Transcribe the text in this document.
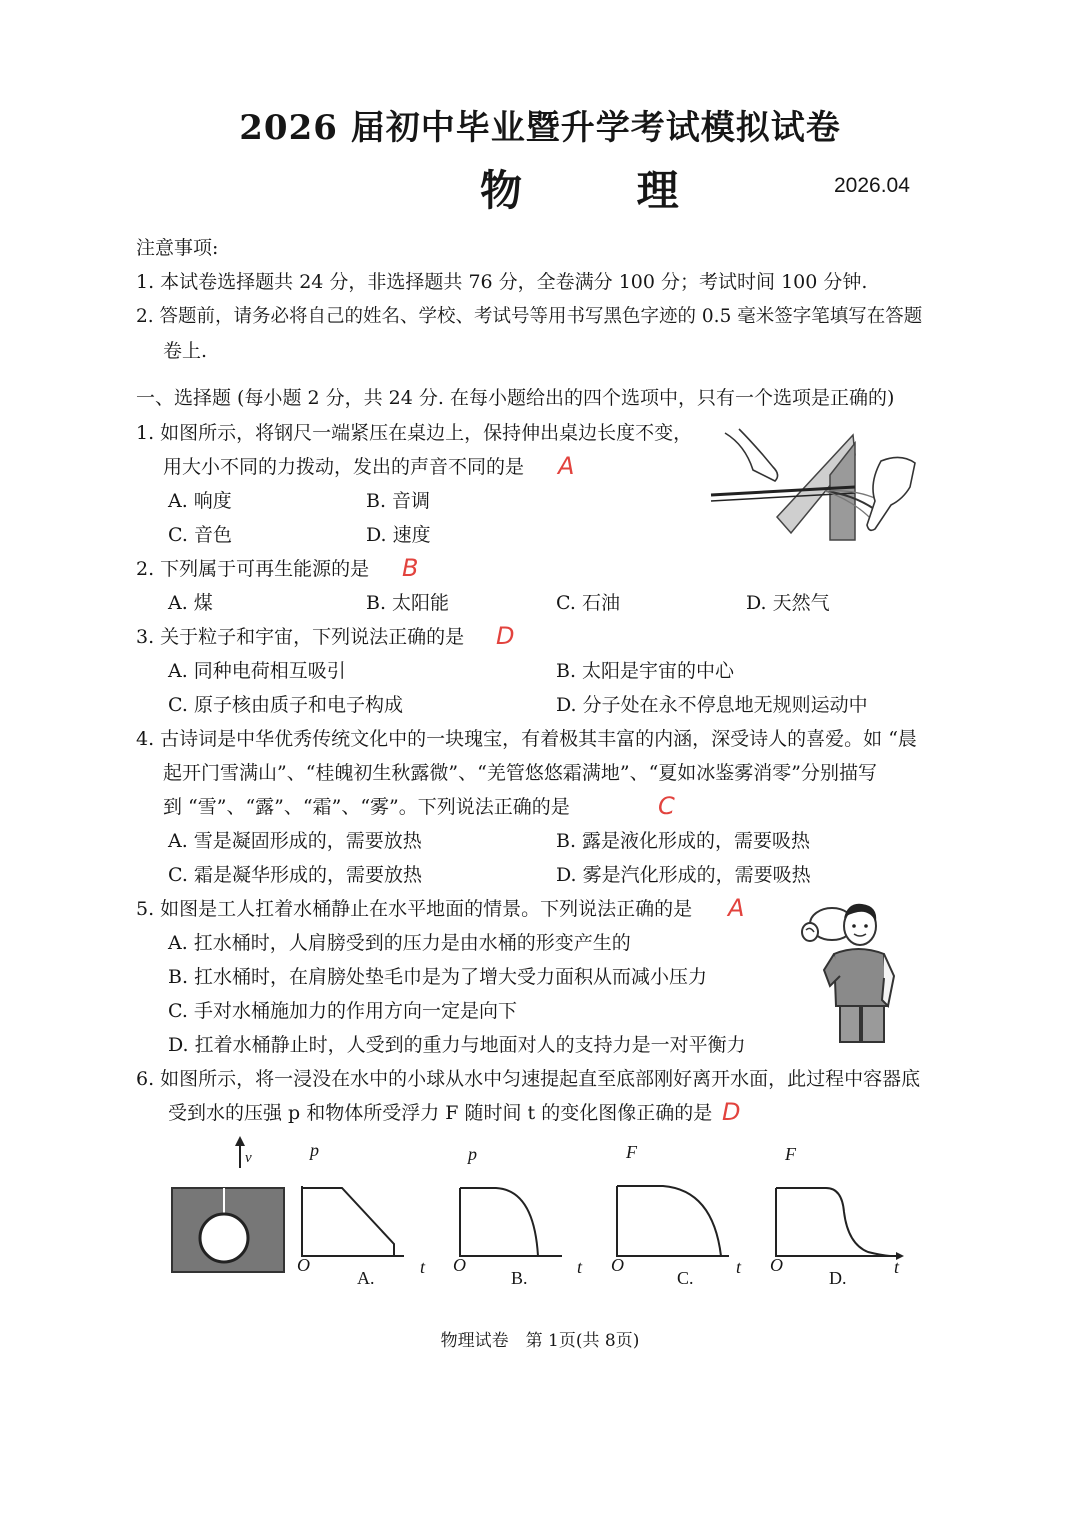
2026 届初中毕业暨升学考试模拟试卷
物 理	2026.04
注意事项:
1. 本试卷选择题共 24 分，非选择题共 76 分，全卷满分 100 分；考试时间 100 分钟.
2. 答题前，请务必将自己的姓名、学校、考试号等用书写黑色字迹的 0.5 毫米签字笔填写在答题
卷上.
一、选择题 (每小题 2 分，共 24 分. 在每小题给出的四个选项中，只有一个选项是正确的)
1. 如图所示，将钢尺一端紧压在桌边上，保持伸出桌边长度不变，
用大小不同的力拨动，发出的声音不同的是 A
A. 响度	B. 音调
C. 音色	D. 速度
2. 下列属于可再生能源的是 B
A. 煤	B. 太阳能	C. 石油	D. 天然气
3. 关于粒子和宇宙，下列说法正确的是 D
A. 同种电荷相互吸引	B. 太阳是宇宙的中心
C. 原子核由质子和电子构成	D. 分子处在永不停息地无规则运动中
4. 古诗词是中华优秀传统文化中的一块瑰宝，有着极其丰富的内涵，深受诗人的喜爱。如 “晨
起开门雪满山”、“桂魄初生秋露微”、“羌管悠悠霜满地”、“夏如冰鉴雾消零”分别描写
到 “雪”、“露”、“霜”、“雾”。下列说法正确的是	C
A. 雪是凝固形成的，需要放热	B. 露是液化形成的，需要吸热
C. 霜是凝华形成的，需要放热	D. 雾是汽化形成的，需要吸热
5. 如图是工人扛着水桶静止在水平地面的情景。下列说法正确的是 A
A. 扛水桶时，人肩膀受到的压力是由水桶的形变产生的
B. 扛水桶时，在肩膀处垫毛巾是为了增大受力面积从而减小压力
C. 手对水桶施加力的作用方向一定是向下
D. 扛着水桶静止时，人受到的重力与地面对人的支持力是一对平衡力
6. 如图所示，将一浸没在水中的小球从水中匀速提起直至底部刚好离开水面，此过程中容器底
受到水的压强 p 和物体所受浮力 F 随时间 t 的变化图像正确的是 D
v	p
O
A.
t
p
O
B.
t
F
O
C.
t
F
O
D.
t
物理试卷　第 1页(共 8页)
